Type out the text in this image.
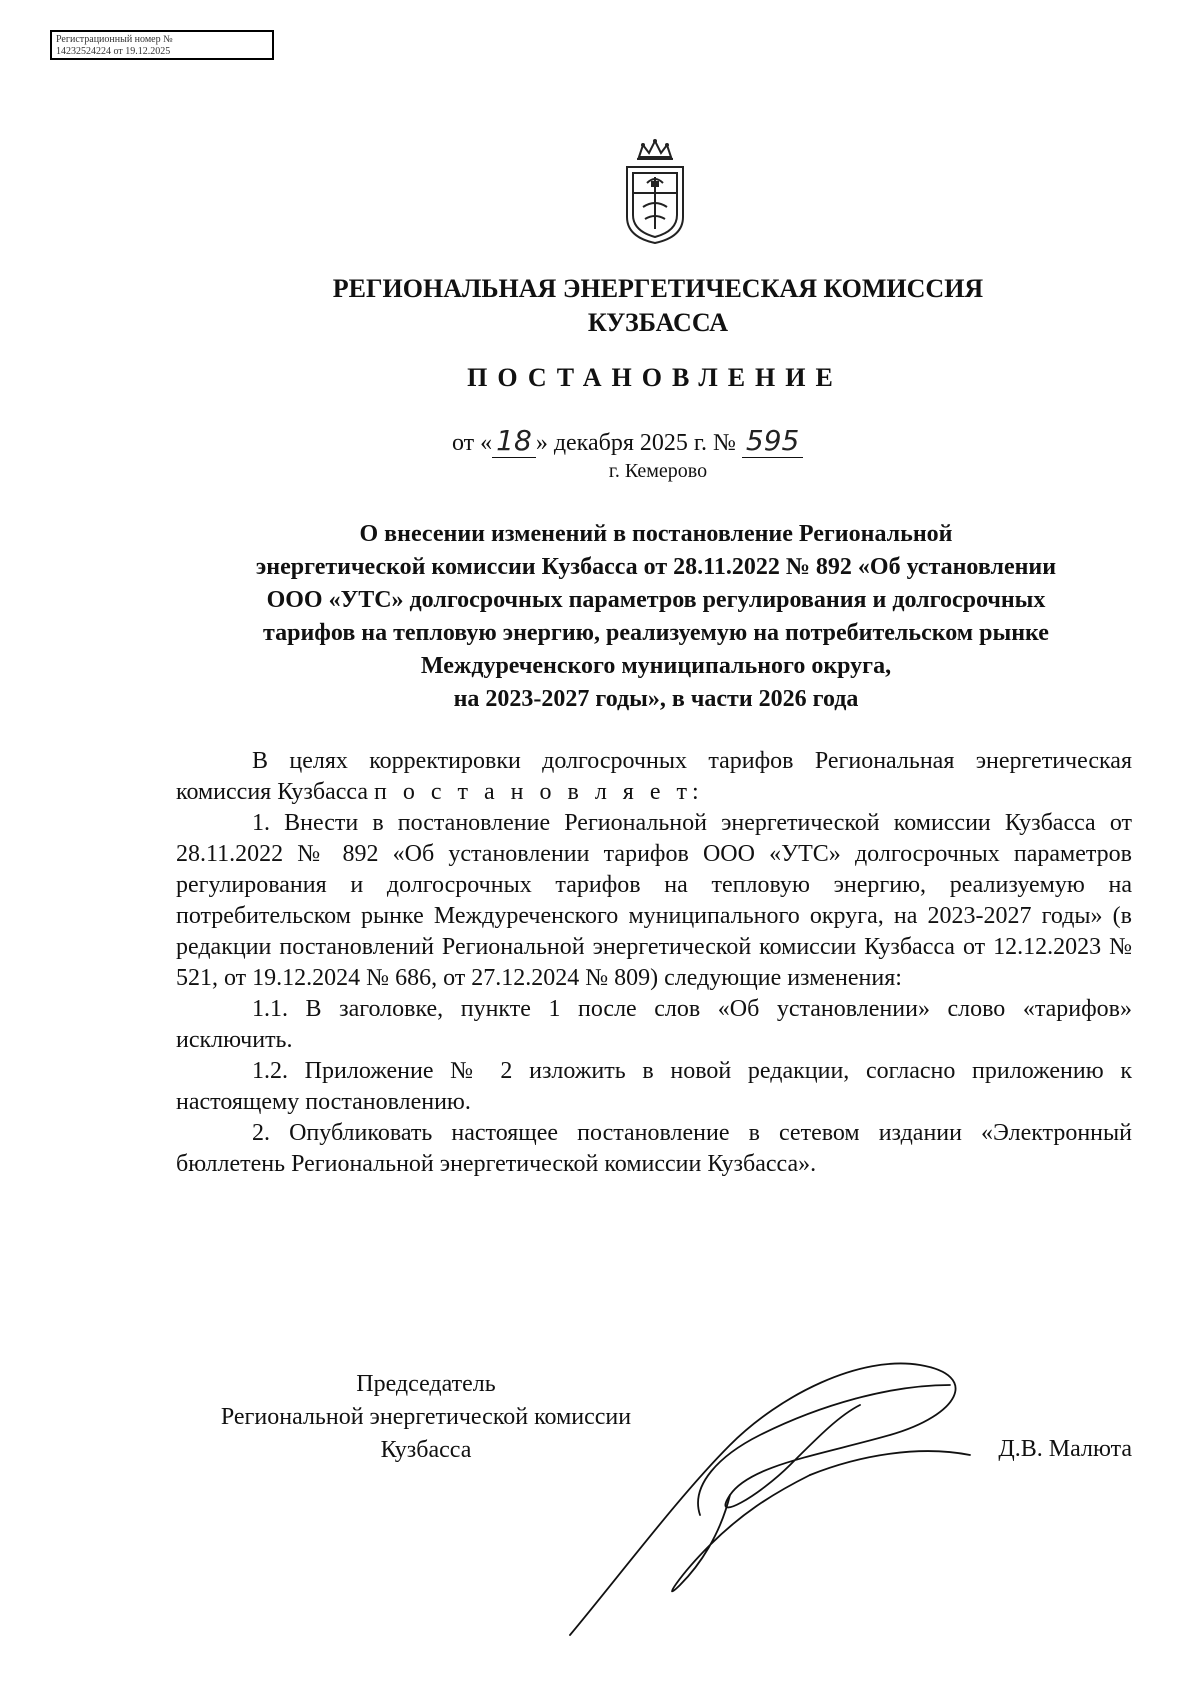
Регистрационный номер №
14232524224 от 19.12.2025
РЕГИОНАЛЬНАЯ ЭНЕРГЕТИЧЕСКАЯ КОМИССИЯ
КУЗБАССА
ПОСТАНОВЛЕНИЕ
от « 18 » декабря 2025 г. № 595
г. Кемерово
О внесении изменений в постановление Региональной
энергетической комиссии Кузбасса от 28.11.2022 № 892 «Об установлении
ООО «УТС» долгосрочных параметров регулирования и долгосрочных
тарифов на тепловую энергию, реализуемую на потребительском рынке
Междуреченского муниципального округа,
на 2023-2027 годы», в части 2026 года

В целях корректировки долгосрочных тарифов Региональная энергетическая комиссия Кузбасса п о с т а н о в л я е т:

1. Внести в постановление Региональной энергетической комиссии Кузбасса от 28.11.2022 № 892 «Об установлении тарифов ООО «УТС» долгосрочных параметров регулирования и долгосрочных тарифов на тепловую энергию, реализуемую на потребительском рынке Междуреченского муниципального округа, на 2023-2027 годы» (в редакции постановлений Региональной энергетической комиссии Кузбасса от 12.12.2023 № 521, от 19.12.2024 № 686, от 27.12.2024 № 809) следующие изменения:

1.1. В заголовке, пункте 1 после слов «Об установлении» слово «тарифов» исключить.

1.2. Приложение № 2 изложить в новой редакции, согласно приложению к настоящему постановлению.

2. Опубликовать настоящее постановление в сетевом издании «Электронный бюллетень Региональной энергетической комиссии Кузбасса».

Председатель
Региональной энергетической комиссии
Кузбасса	Д.В. Малюта
